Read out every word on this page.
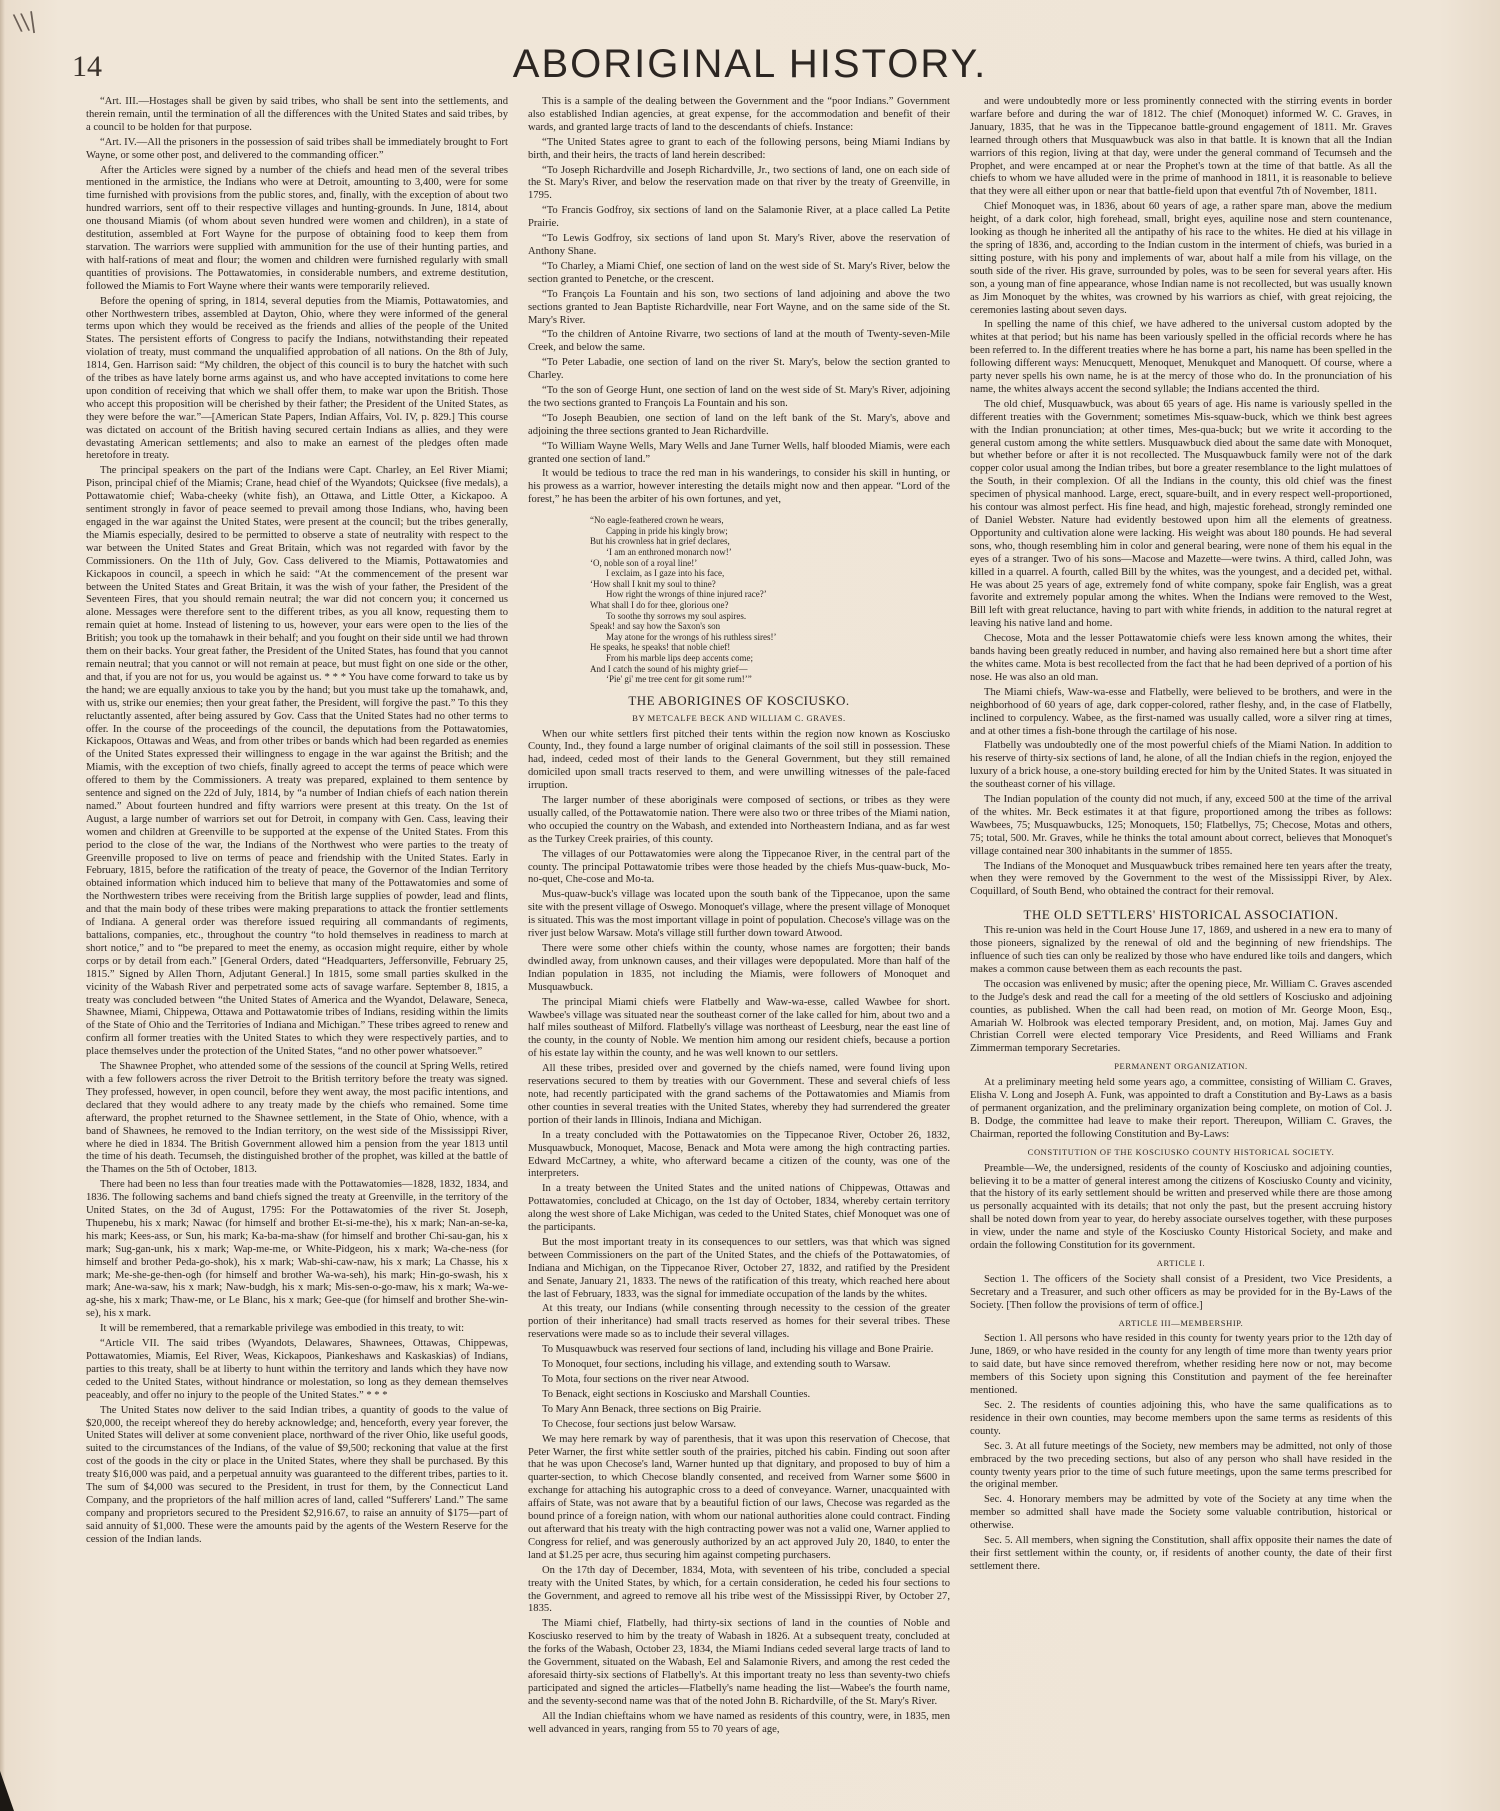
\\|
14	ABORIGINAL HISTORY.

“Art. III.—Hostages shall be given by said tribes, who shall be sent into the settlements, and therein remain, until the termination of all the differences with the United States and said tribes, by a council to be holden for that purpose.

“Art. IV.—All the prisoners in the possession of said tribes shall be immediately brought to Fort Wayne, or some other post, and delivered to the commanding officer.”

After the Articles were signed by a number of the chiefs and head men of the several tribes mentioned in the armistice, the Indians who were at Detroit, amounting to 3,400, were for some time furnished with provisions from the public stores, and, finally, with the exception of about two hundred warriors, sent off to their respective villages and hunting-grounds. In June, 1814, about one thousand Miamis (of whom about seven hundred were women and children), in a state of destitution, assembled at Fort Wayne for the purpose of obtaining food to keep them from starvation. The warriors were supplied with ammunition for the use of their hunting parties, and with half-rations of meat and flour; the women and children were furnished regularly with small quantities of provisions. The Pottawatomies, in considerable numbers, and extreme destitution, followed the Miamis to Fort Wayne where their wants were temporarily relieved.

Before the opening of spring, in 1814, several deputies from the Miamis, Pottawatomies, and other Northwestern tribes, assembled at Dayton, Ohio, where they were informed of the general terms upon which they would be received as the friends and allies of the people of the United States. The persistent efforts of Congress to pacify the Indians, notwithstanding their repeated violation of treaty, must command the unqualified approbation of all nations. On the 8th of July, 1814, Gen. Harrison said: “My children, the object of this council is to bury the hatchet with such of the tribes as have lately borne arms against us, and who have accepted invitations to come here upon condition of receiving that which we shall offer them, to make war upon the British. Those who accept this proposition will be cherished by their father; the President of the United States, as they were before the war.”—[American State Papers, Indian Affairs, Vol. IV, p. 829.] This course was dictated on account of the British having secured certain Indians as allies, and they were devastating American settlements; and also to make an earnest of the pledges often made heretofore in treaty.

The principal speakers on the part of the Indians were Capt. Charley, an Eel River Miami; Pison, principal chief of the Miamis; Crane, head chief of the Wyandots; Quicksee (five medals), a Pottawatomie chief; Waba-cheeky (white fish), an Ottawa, and Little Otter, a Kickapoo. A sentiment strongly in favor of peace seemed to prevail among those Indians, who, having been engaged in the war against the United States, were present at the council; but the tribes generally, the Miamis especially, desired to be permitted to observe a state of neutrality with respect to the war between the United States and Great Britain, which was not regarded with favor by the Commissioners. On the 11th of July, Gov. Cass delivered to the Miamis, Pottawatomies and Kickapoos in council, a speech in which he said: “At the commencement of the present war between the United States and Great Britain, it was the wish of your father, the President of the Seventeen Fires, that you should remain neutral; the war did not concern you; it concerned us alone. Messages were therefore sent to the different tribes, as you all know, requesting them to remain quiet at home. Instead of listening to us, however, your ears were open to the lies of the British; you took up the tomahawk in their behalf; and you fought on their side until we had thrown them on their backs. Your great father, the President of the United States, has found that you cannot remain neutral; that you cannot or will not remain at peace, but must fight on one side or the other, and that, if you are not for us, you would be against us. * * * You have come forward to take us by the hand; we are equally anxious to take you by the hand; but you must take up the tomahawk, and, with us, strike our enemies; then your great father, the President, will forgive the past.” To this they reluctantly assented, after being assured by Gov. Cass that the United States had no other terms to offer. In the course of the proceedings of the council, the deputations from the Pottawatomies, Kickapoos, Ottawas and Weas, and from other tribes or bands which had been regarded as enemies of the United States expressed their willingness to engage in the war against the British; and the Miamis, with the exception of two chiefs, finally agreed to accept the terms of peace which were offered to them by the Commissioners. A treaty was prepared, explained to them sentence by sentence and signed on the 22d of July, 1814, by “a number of Indian chiefs of each nation therein named.” About fourteen hundred and fifty warriors were present at this treaty. On the 1st of August, a large number of warriors set out for Detroit, in company with Gen. Cass, leaving their women and children at Greenville to be supported at the expense of the United States. From this period to the close of the war, the Indians of the Northwest who were parties to the treaty of Greenville proposed to live on terms of peace and friendship with the United States. Early in February, 1815, before the ratification of the treaty of peace, the Governor of the Indian Territory obtained information which induced him to believe that many of the Pottawatomies and some of the Northwestern tribes were receiving from the British large supplies of powder, lead and flints, and that the main body of these tribes were making preparations to attack the frontier settlements of Indiana. A general order was therefore issued requiring all commandants of regiments, battalions, companies, etc., throughout the country “to hold themselves in readiness to march at short notice,” and to “be prepared to meet the enemy, as occasion might require, either by whole corps or by detail from each.” [General Orders, dated “Headquarters, Jeffersonville, February 25, 1815.” Signed by Allen Thorn, Adjutant General.] In 1815, some small parties skulked in the vicinity of the Wabash River and perpetrated some acts of savage warfare. September 8, 1815, a treaty was concluded between “the United States of America and the Wyandot, Delaware, Seneca, Shawnee, Miami, Chippewa, Ottawa and Pottawatomie tribes of Indians, residing within the limits of the State of Ohio and the Territories of Indiana and Michigan.” These tribes agreed to renew and confirm all former treaties with the United States to which they were respectively parties, and to place themselves under the protection of the United States, “and no other power whatsoever.”

The Shawnee Prophet, who attended some of the sessions of the council at Spring Wells, retired with a few followers across the river Detroit to the British territory before the treaty was signed. They professed, however, in open council, before they went away, the most pacific intentions, and declared that they would adhere to any treaty made by the chiefs who remained. Some time afterward, the prophet returned to the Shawnee settlement, in the State of Ohio, whence, with a band of Shawnees, he removed to the Indian territory, on the west side of the Mississippi River, where he died in 1834. The British Government allowed him a pension from the year 1813 until the time of his death. Tecumseh, the distinguished brother of the prophet, was killed at the battle of the Thames on the 5th of October, 1813.

There had been no less than four treaties made with the Pottawatomies—1828, 1832, 1834, and 1836. The following sachems and band chiefs signed the treaty at Greenville, in the territory of the United States, on the 3d of August, 1795: For the Pottawatomies of the river St. Joseph, Thupenebu, his x mark; Nawac (for himself and brother Et-si-me-the), his x mark; Nan-an-se-ka, his mark; Kees-ass, or Sun, his mark; Ka-ba-ma-shaw (for himself and brother Chi-sau-gan, his x mark; Sug-gan-unk, his x mark; Wap-me-me, or White-Pidgeon, his x mark; Wa-che-ness (for himself and brother Peda-go-shok), his x mark; Wab-shi-caw-naw, his x mark; La Chasse, his x mark; Me-she-ge-then-ogh (for himself and brother Wa-wa-seh), his mark; Hin-go-swash, his x mark; Ane-wa-saw, his x mark; Naw-budgh, his x mark; Mis-sen-o-go-maw, his x mark; Wa-we-ag-she, his x mark; Thaw-me, or Le Blanc, his x mark; Gee-que (for himself and brother She-win-se), his x mark.

It will be remembered, that a remarkable privilege was embodied in this treaty, to wit:

“Article VII. The said tribes (Wyandots, Delawares, Shawnees, Ottawas, Chippewas, Pottawatomies, Miamis, Eel River, Weas, Kickapoos, Piankeshaws and Kaskaskias) of Indians, parties to this treaty, shall be at liberty to hunt within the territory and lands which they have now ceded to the United States, without hindrance or molestation, so long as they demean themselves peaceably, and offer no injury to the people of the United States.” * * *

The United States now deliver to the said Indian tribes, a quantity of goods to the value of $20,000, the receipt whereof they do hereby acknowledge; and, henceforth, every year forever, the United States will deliver at some convenient place, northward of the river Ohio, like useful goods, suited to the circumstances of the Indians, of the value of $9,500; reckoning that value at the first cost of the goods in the city or place in the United States, where they shall be purchased. By this treaty $16,000 was paid, and a perpetual annuity was guaranteed to the different tribes, parties to it. The sum of $4,000 was secured to the President, in trust for them, by the Connecticut Land Company, and the proprietors of the half million acres of land, called “Sufferers' Land.” The same company and proprietors secured to the President $2,916.67, to raise an annuity of $175—part of said annuity of $1,000. These were the amounts paid by the agents of the Western Reserve for the cession of the Indian lands.

This is a sample of the dealing between the Government and the “poor Indians.” Government also established Indian agencies, at great expense, for the accommodation and benefit of their wards, and granted large tracts of land to the descendants of chiefs. Instance:

“The United States agree to grant to each of the following persons, being Miami Indians by birth, and their heirs, the tracts of land herein described:

“To Joseph Richardville and Joseph Richardville, Jr., two sections of land, one on each side of the St. Mary's River, and below the reservation made on that river by the treaty of Greenville, in 1795.

“To Francis Godfroy, six sections of land on the Salamonie River, at a place called La Petite Prairie.

“To Lewis Godfroy, six sections of land upon St. Mary's River, above the reservation of Anthony Shane.

“To Charley, a Miami Chief, one section of land on the west side of St. Mary's River, below the section granted to Penetche, or the crescent.

“To François La Fountain and his son, two sections of land adjoining and above the two sections granted to Jean Baptiste Richardville, near Fort Wayne, and on the same side of the St. Mary's River.

“To the children of Antoine Rivarre, two sections of land at the mouth of Twenty-seven-Mile Creek, and below the same.

“To Peter Labadie, one section of land on the river St. Mary's, below the section granted to Charley.

“To the son of George Hunt, one section of land on the west side of St. Mary's River, adjoining the two sections granted to François La Fountain and his son.

“To Joseph Beaubien, one section of land on the left bank of the St. Mary's, above and adjoining the three sections granted to Jean Richardville.

“To William Wayne Wells, Mary Wells and Jane Turner Wells, half blooded Miamis, were each granted one section of land.”

It would be tedious to trace the red man in his wanderings, to consider his skill in hunting, or his prowess as a warrior, however interesting the details might now and then appear. “Lord of the forest,” he has been the arbiter of his own fortunes, and yet,

“No eagle-feathered crown he wears,
Capping in pride his kingly brow;
But his crownless hat in grief declares,
‘I am an enthroned monarch now!’
‘O, noble son of a royal line!’
I exclaim, as I gaze into his face,
‘How shall I knit my soul to thine?
How right the wrongs of thine injured race?’
What shall I do for thee, glorious one?
To soothe thy sorrows my soul aspires.
Speak! and say how the Saxon's son
May atone for the wrongs of his ruthless sires!’
He speaks, he speaks! that noble chief!
From his marble lips deep accents come;
And I catch the sound of his mighty grief—
‘Pie' gi' me tree cent for git some rum!’”
THE ABORIGINES OF KOSCIUSKO.
BY METCALFE BECK AND WILLIAM C. GRAVES.

When our white settlers first pitched their tents within the region now known as Kosciusko County, Ind., they found a large number of original claimants of the soil still in possession. These had, indeed, ceded most of their lands to the General Government, but they still remained domiciled upon small tracts reserved to them, and were unwilling witnesses of the pale-faced irruption.

The larger number of these aboriginals were composed of sections, or tribes as they were usually called, of the Pottawatomie nation. There were also two or three tribes of the Miami nation, who occupied the country on the Wabash, and extended into Northeastern Indiana, and as far west as the Turkey Creek prairies, of this county.

The villages of our Pottawatomies were along the Tippecanoe River, in the central part of the county. The principal Pottawatomie tribes were those headed by the chiefs Mus-quaw-buck, Mo-no-quet, Che-cose and Mo-ta.

Mus-quaw-buck's village was located upon the south bank of the Tippecanoe, upon the same site with the present village of Oswego. Monoquet's village, where the present village of Monoquet is situated. This was the most important village in point of population. Checose's village was on the river just below Warsaw. Mota's village still further down toward Atwood.

There were some other chiefs within the county, whose names are forgotten; their bands dwindled away, from unknown causes, and their villages were depopulated. More than half of the Indian population in 1835, not including the Miamis, were followers of Monoquet and Musquawbuck.

The principal Miami chiefs were Flatbelly and Waw-wa-esse, called Wawbee for short. Wawbee's village was situated near the southeast corner of the lake called for him, about two and a half miles southeast of Milford. Flatbelly's village was northeast of Leesburg, near the east line of the county, in the county of Noble. We mention him among our resident chiefs, because a portion of his estate lay within the county, and he was well known to our settlers.

All these tribes, presided over and governed by the chiefs named, were found living upon reservations secured to them by treaties with our Government. These and several chiefs of less note, had recently participated with the grand sachems of the Pottawatomies and Miamis from other counties in several treaties with the United States, whereby they had surrendered the greater portion of their lands in Illinois, Indiana and Michigan.

In a treaty concluded with the Pottawatomies on the Tippecanoe River, October 26, 1832, Musquawbuck, Monoquet, Macose, Benack and Mota were among the high contracting parties. Edward McCartney, a white, who afterward became a citizen of the county, was one of the interpreters.

In a treaty between the United States and the united nations of Chippewas, Ottawas and Pottawatomies, concluded at Chicago, on the 1st day of October, 1834, whereby certain territory along the west shore of Lake Michigan, was ceded to the United States, chief Monoquet was one of the participants.

But the most important treaty in its consequences to our settlers, was that which was signed between Commissioners on the part of the United States, and the chiefs of the Pottawatomies, of Indiana and Michigan, on the Tippecanoe River, October 27, 1832, and ratified by the President and Senate, January 21, 1833. The news of the ratification of this treaty, which reached here about the last of February, 1833, was the signal for immediate occupation of the lands by the whites.

At this treaty, our Indians (while consenting through necessity to the cession of the greater portion of their inheritance) had small tracts reserved as homes for their several tribes. These reservations were made so as to include their several villages.

To Musquawbuck was reserved four sections of land, including his village and Bone Prairie.

To Monoquet, four sections, including his village, and extending south to Warsaw.

To Mota, four sections on the river near Atwood.

To Benack, eight sections in Kosciusko and Marshall Counties.

To Mary Ann Benack, three sections on Big Prairie.

To Checose, four sections just below Warsaw.

We may here remark by way of parenthesis, that it was upon this reservation of Checose, that Peter Warner, the first white settler south of the prairies, pitched his cabin. Finding out soon after that he was upon Checose's land, Warner hunted up that dignitary, and proposed to buy of him a quarter-section, to which Checose blandly consented, and received from Warner some $600 in exchange for attaching his autographic cross to a deed of conveyance. Warner, unacquainted with affairs of State, was not aware that by a beautiful fiction of our laws, Checose was regarded as the bound prince of a foreign nation, with whom our national authorities alone could contract. Finding out afterward that his treaty with the high contracting power was not a valid one, Warner applied to Congress for relief, and was generously authorized by an act approved July 20, 1840, to enter the land at $1.25 per acre, thus securing him against competing purchasers.

On the 17th day of December, 1834, Mota, with seventeen of his tribe, concluded a special treaty with the United States, by which, for a certain consideration, he ceded his four sections to the Government, and agreed to remove all his tribe west of the Mississippi River, by October 27, 1835.

The Miami chief, Flatbelly, had thirty-six sections of land in the counties of Noble and Kosciusko reserved to him by the treaty of Wabash in 1826. At a subsequent treaty, concluded at the forks of the Wabash, October 23, 1834, the Miami Indians ceded several large tracts of land to the Government, situated on the Wabash, Eel and Salamonie Rivers, and among the rest ceded the aforesaid thirty-six sections of Flatbelly's. At this important treaty no less than seventy-two chiefs participated and signed the articles—Flatbelly's name heading the list—Wabee's the fourth name, and the seventy-second name was that of the noted John B. Richardville, of the St. Mary's River.

All the Indian chieftains whom we have named as residents of this country, were, in 1835, men well advanced in years, ranging from 55 to 70 years of age,

and were undoubtedly more or less prominently connected with the stirring events in border warfare before and during the war of 1812. The chief (Monoquet) informed W. C. Graves, in January, 1835, that he was in the Tippecanoe battle-ground engagement of 1811. Mr. Graves learned through others that Musquawbuck was also in that battle. It is known that all the Indian warriors of this region, living at that day, were under the general command of Tecumseh and the Prophet, and were encamped at or near the Prophet's town at the time of that battle. As all the chiefs to whom we have alluded were in the prime of manhood in 1811, it is reasonable to believe that they were all either upon or near that battle-field upon that eventful 7th of November, 1811.

Chief Monoquet was, in 1836, about 60 years of age, a rather spare man, above the medium height, of a dark color, high forehead, small, bright eyes, aquiline nose and stern countenance, looking as though he inherited all the antipathy of his race to the whites. He died at his village in the spring of 1836, and, according to the Indian custom in the interment of chiefs, was buried in a sitting posture, with his pony and implements of war, about half a mile from his village, on the south side of the river. His grave, surrounded by poles, was to be seen for several years after. His son, a young man of fine appearance, whose Indian name is not recollected, but was usually known as Jim Monoquet by the whites, was crowned by his warriors as chief, with great rejoicing, the ceremonies lasting about seven days.

In spelling the name of this chief, we have adhered to the universal custom adopted by the whites at that period; but his name has been variously spelled in the official records where he has been referred to. In the different treaties where he has borne a part, his name has been spelled in the following different ways: Menucquett, Menoquet, Menukquet and Manoquett. Of course, where a party never spells his own name, he is at the mercy of those who do. In the pronunciation of his name, the whites always accent the second syllable; the Indians accented the third.

The old chief, Musquawbuck, was about 65 years of age. His name is variously spelled in the different treaties with the Government; sometimes Mis-squaw-buck, which we think best agrees with the Indian pronunciation; at other times, Mes-qua-buck; but we write it according to the general custom among the white settlers. Musquawbuck died about the same date with Monoquet, but whether before or after it is not recollected. The Musquawbuck family were not of the dark copper color usual among the Indian tribes, but bore a greater resemblance to the light mulattoes of the South, in their complexion. Of all the Indians in the county, this old chief was the finest specimen of physical manhood. Large, erect, square-built, and in every respect well-proportioned, his contour was almost perfect. His fine head, and high, majestic forehead, strongly reminded one of Daniel Webster. Nature had evidently bestowed upon him all the elements of greatness. Opportunity and cultivation alone were lacking. His weight was about 180 pounds. He had several sons, who, though resembling him in color and general bearing, were none of them his equal in the eyes of a stranger. Two of his sons—Macose and Mazette—were twins. A third, called John, was killed in a quarrel. A fourth, called Bill by the whites, was the youngest, and a decided pet, withal. He was about 25 years of age, extremely fond of white company, spoke fair English, was a great favorite and extremely popular among the whites. When the Indians were removed to the West, Bill left with great reluctance, having to part with white friends, in addition to the natural regret at leaving his native land and home.

Checose, Mota and the lesser Pottawatomie chiefs were less known among the whites, their bands having been greatly reduced in number, and having also remained here but a short time after the whites came. Mota is best recollected from the fact that he had been deprived of a portion of his nose. He was also an old man.

The Miami chiefs, Waw-wa-esse and Flatbelly, were believed to be brothers, and were in the neighborhood of 60 years of age, dark copper-colored, rather fleshy, and, in the case of Flatbelly, inclined to corpulency. Wabee, as the first-named was usually called, wore a silver ring at times, and at other times a fish-bone through the cartilage of his nose.

Flatbelly was undoubtedly one of the most powerful chiefs of the Miami Nation. In addition to his reserve of thirty-six sections of land, he alone, of all the Indian chiefs in the region, enjoyed the luxury of a brick house, a one-story building erected for him by the United States. It was situated in the southeast corner of his village.

The Indian population of the county did not much, if any, exceed 500 at the time of the arrival of the whites. Mr. Beck estimates it at that figure, proportioned among the tribes as follows: Wawbees, 75; Musquawbucks, 125; Monoquets, 150; Flatbellys, 75; Checose, Motas and others, 75; total, 500. Mr. Graves, while he thinks the total amount about correct, believes that Monoquet's village contained near 300 inhabitants in the summer of 1855.

The Indians of the Monoquet and Musquawbuck tribes remained here ten years after the treaty, when they were removed by the Government to the west of the Mississippi River, by Alex. Coquillard, of South Bend, who obtained the contract for their removal.

THE OLD SETTLERS' HISTORICAL ASSOCIATION.

This re-union was held in the Court House June 17, 1869, and ushered in a new era to many of those pioneers, signalized by the renewal of old and the beginning of new friendships. The influence of such ties can only be realized by those who have endured like toils and dangers, which makes a common cause between them as each recounts the past.

The occasion was enlivened by music; after the opening piece, Mr. William C. Graves ascended to the Judge's desk and read the call for a meeting of the old settlers of Kosciusko and adjoining counties, as published. When the call had been read, on motion of Mr. George Moon, Esq., Amariah W. Holbrook was elected temporary President, and, on motion, Maj. James Guy and Christian Correll were elected temporary Vice Presidents, and Reed Williams and Frank Zimmerman temporary Secretaries.

PERMANENT ORGANIZATION.

At a preliminary meeting held some years ago, a committee, consisting of William C. Graves, Elisha V. Long and Joseph A. Funk, was appointed to draft a Constitution and By-Laws as a basis of permanent organization, and the preliminary organization being complete, on motion of Col. J. B. Dodge, the committee had leave to make their report. Thereupon, William C. Graves, the Chairman, reported the following Constitution and By-Laws:

CONSTITUTION OF THE KOSCIUSKO COUNTY HISTORICAL SOCIETY.

Preamble—We, the undersigned, residents of the county of Kosciusko and adjoining counties, believing it to be a matter of general interest among the citizens of Kosciusko County and vicinity, that the history of its early settlement should be written and preserved while there are those among us personally acquainted with its details; that not only the past, but the present accruing history shall be noted down from year to year, do hereby associate ourselves together, with these purposes in view, under the name and style of the Kosciusko County Historical Society, and make and ordain the following Constitution for its government.

ARTICLE I.

Section 1. The officers of the Society shall consist of a President, two Vice Presidents, a Secretary and a Treasurer, and such other officers as may be provided for in the By-Laws of the Society. [Then follow the provisions of term of office.]

ARTICLE III—MEMBERSHIP.

Section 1. All persons who have resided in this county for twenty years prior to the 12th day of June, 1869, or who have resided in the county for any length of time more than twenty years prior to said date, but have since removed therefrom, whether residing here now or not, may become members of this Society upon signing this Constitution and payment of the fee hereinafter mentioned.

Sec. 2. The residents of counties adjoining this, who have the same qualifications as to residence in their own counties, may become members upon the same terms as residents of this county.

Sec. 3. At all future meetings of the Society, new members may be admitted, not only of those embraced by the two preceding sections, but also of any person who shall have resided in the county twenty years prior to the time of such future meetings, upon the same terms prescribed for the original member.

Sec. 4. Honorary members may be admitted by vote of the Society at any time when the member so admitted shall have made the Society some valuable contribution, historical or otherwise.

Sec. 5. All members, when signing the Constitution, shall affix opposite their names the date of their first settlement within the county, or, if residents of another county, the date of their first settlement there.
